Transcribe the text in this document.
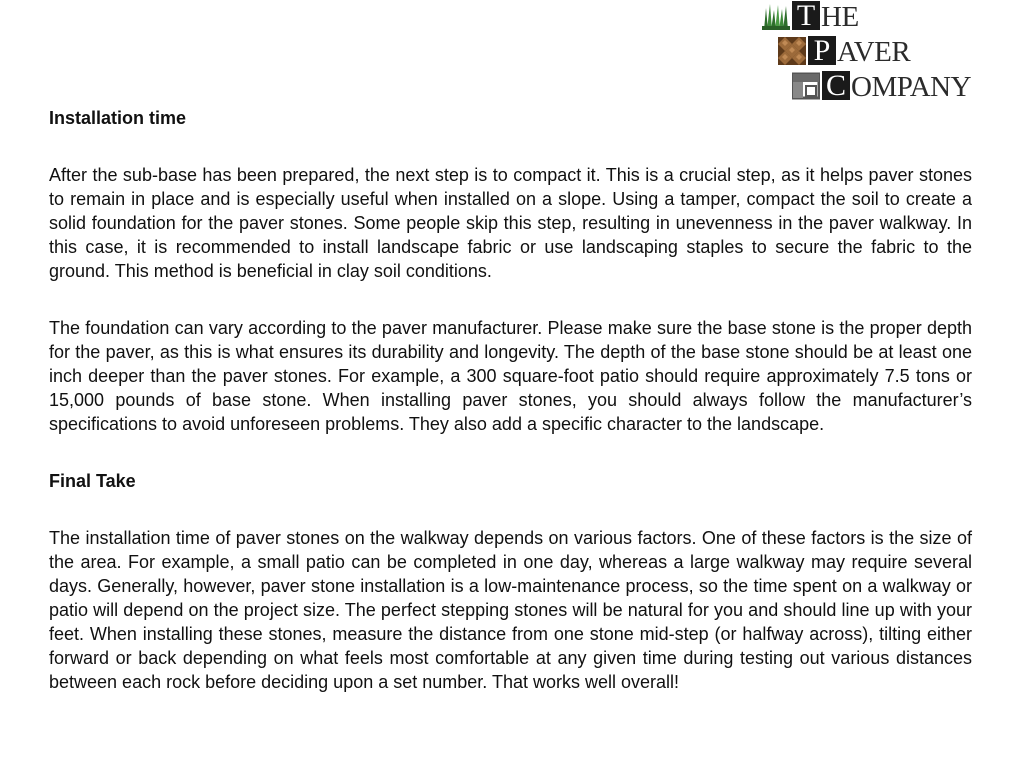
T HE
P AVER
C OMPANY
Installation time

After the sub-base has been prepared, the next step is to compact it. This is a crucial step, as it helps paver stones to remain in place and is especially useful when installed on a slope. Using a tamper, compact the soil to create a solid foundation for the paver stones. Some people skip this step, resulting in unevenness in the paver walkway. In this case, it is recommended to install landscape fabric or use landscaping staples to secure the fabric to the ground. This method is beneficial in clay soil conditions.

The foundation can vary according to the paver manufacturer. Please make sure the base stone is the proper depth for the paver, as this is what ensures its durability and longevity. The depth of the base stone should be at least one inch deeper than the paver stones. For example, a 300 square-foot patio should require approximately 7.5 tons or 15,000 pounds of base stone. When installing paver stones, you should always follow the manufacturer’s specifications to avoid unforeseen problems. They also add a specific character to the landscape.

Final Take

The installation time of paver stones on the walkway depends on various factors. One of these factors is the size of the area. For example, a small patio can be completed in one day, whereas a large walkway may require several days. Generally, however, paver stone installation is a low-maintenance process, so the time spent on a walkway or patio will depend on the project size. The perfect stepping stones will be natural for you and should line up with your feet. When installing these stones, measure the distance from one stone mid-step (or halfway across), tilting either forward or back depending on what feels most comfortable at any given time during testing out various distances between each rock before deciding upon a set number. That works well overall!
